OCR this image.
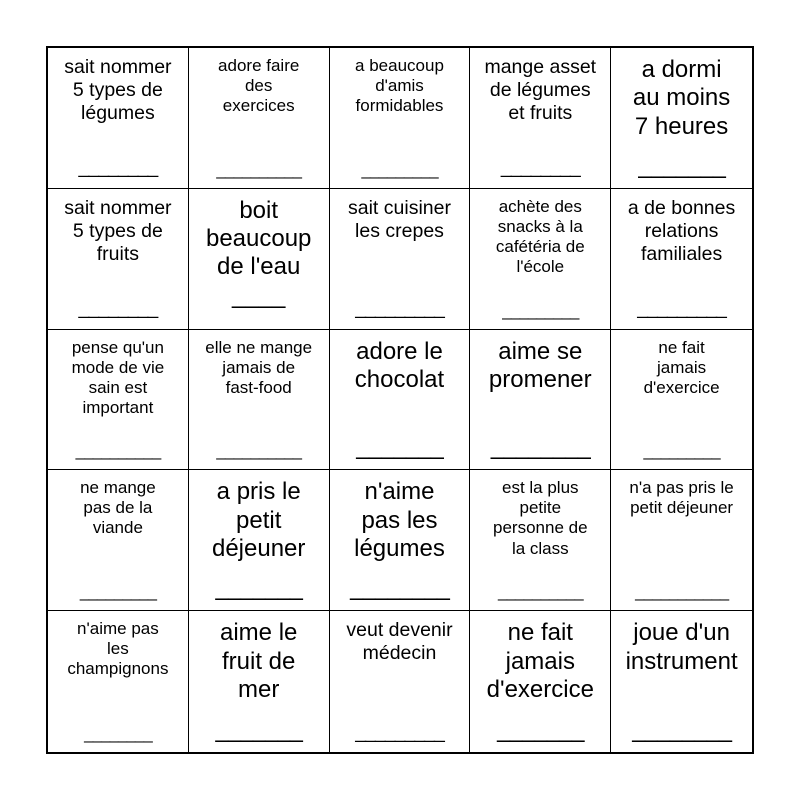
sait nommer
5 types de
légumes
________
adore faire
des
exercices
__________
a beaucoup
d'amis
formidables
_________
mange asset
de légumes
et fruits
________
a dormi
au moins
7 heures
_______
sait nommer
5 types de
fruits
________
boit
beaucoup
de l'eau
____
sait cuisiner
les crepes
_________
achète des
snacks à la
cafétéria de
l'école
_________
a de bonnes
relations
familiales
_________
pense qu'un
mode de vie
sain est
important
__________
elle ne mange
jamais de
fast-food
__________
adore le
chocolat
_______
aime se
promener
________
ne fait
jamais
d'exercice
_________
ne mange
pas de la
viande
_________
a pris le
petit
déjeuner
_______
n'aime
pas les
légumes
________
est la plus
petite
personne de
la class
__________
n'a pas pris le
petit déjeuner
___________
n'aime pas
les
champignons
________
aime le
fruit de
mer
_______
veut devenir
médecin
_________
ne fait
jamais
d'exercice
_______
joue d'un
instrument
________
